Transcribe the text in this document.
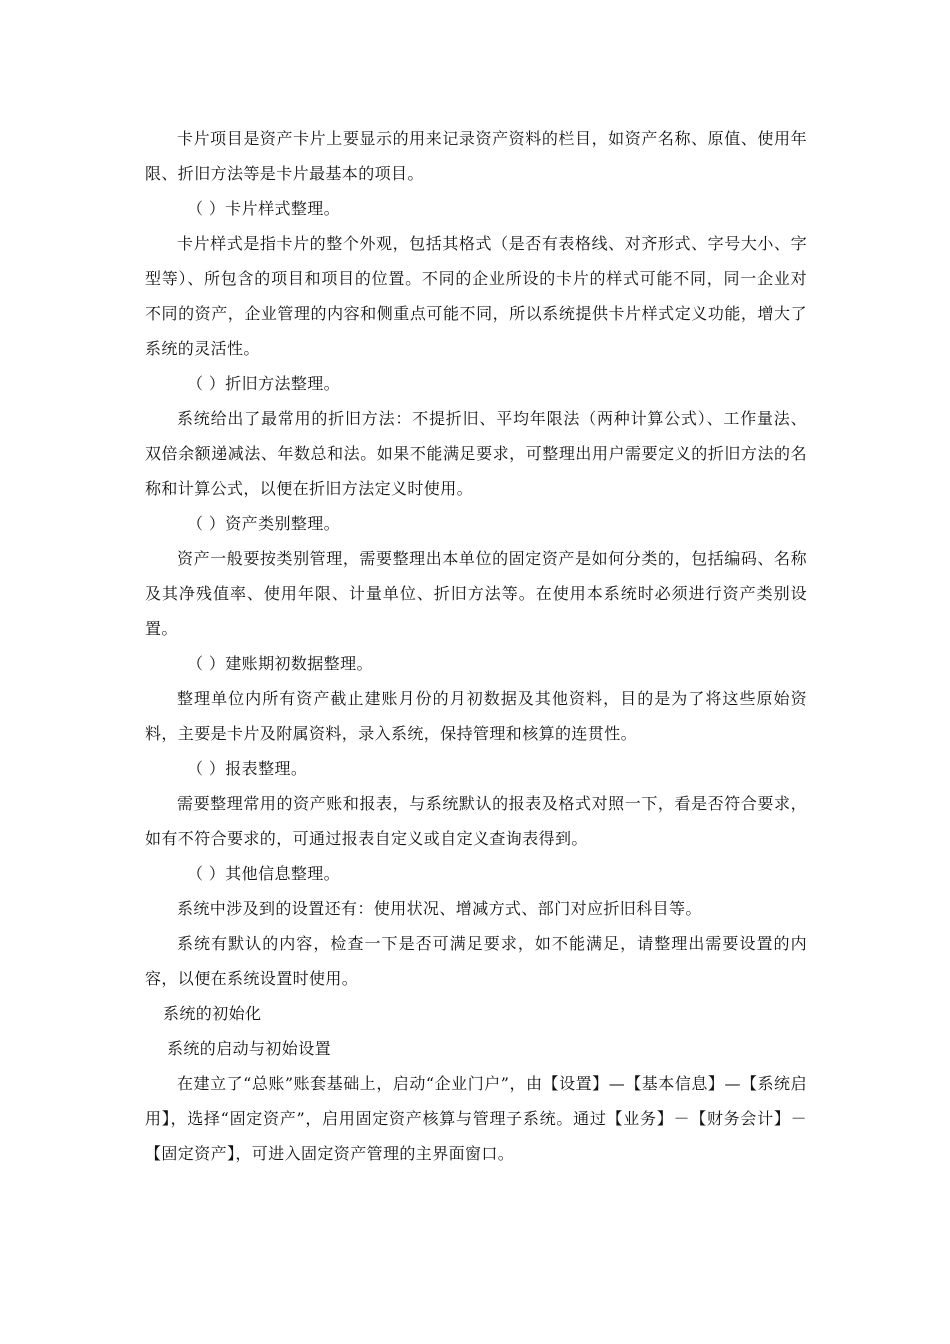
卡片项目是资产卡片上要显示的用来记录资产资料的栏目，如资产名称、原值、使用年限、折旧方法等是卡片最基本的项目。

（ ）卡片样式整理。

卡片样式是指卡片的整个外观，包括其格式（是否有表格线、对齐形式、字号大小、字型等）、所包含的项目和项目的位置。不同的企业所设的卡片的样式可能不同，同一企业对不同的资产，企业管理的内容和侧重点可能不同，所以系统提供卡片样式定义功能，增大了系统的灵活性。

（ ）折旧方法整理。

系统给出了最常用的折旧方法：不提折旧、平均年限法（两种计算公式）、工作量法、双倍余额递减法、年数总和法。如果不能满足要求，可整理出用户需要定义的折旧方法的名称和计算公式，以便在折旧方法定义时使用。

（ ）资产类别整理。

资产一般要按类别管理，需要整理出本单位的固定资产是如何分类的，包括编码、名称及其净残值率、使用年限、计量单位、折旧方法等。在使用本系统时必须进行资产类别设置。

（ ）建账期初数据整理。

整理单位内所有资产截止建账月份的月初数据及其他资料，目的是为了将这些原始资料，主要是卡片及附属资料，录入系统，保持管理和核算的连贯性。

（ ）报表整理。

需要整理常用的资产账和报表，与系统默认的报表及格式对照一下，看是否符合要求，如有不符合要求的，可通过报表自定义或自定义查询表得到。

（ ）其他信息整理。

系统中涉及到的设置还有：使用状况、增减方式、部门对应折旧科目等。

系统有默认的内容，检查一下是否可满足要求，如不能满足，请整理出需要设置的内容，以便在系统设置时使用。

系统的初始化

系统的启动与初始设置

在建立了“总账”账套基础上，启动“企业门户”，由【设置】—【基本信息】—【系统启用】，选择“固定资产”，启用固定资产核算与管理子系统。通过【业务】－【财务会计】－【固定资产】，可进入固定资产管理的主界面窗口。
